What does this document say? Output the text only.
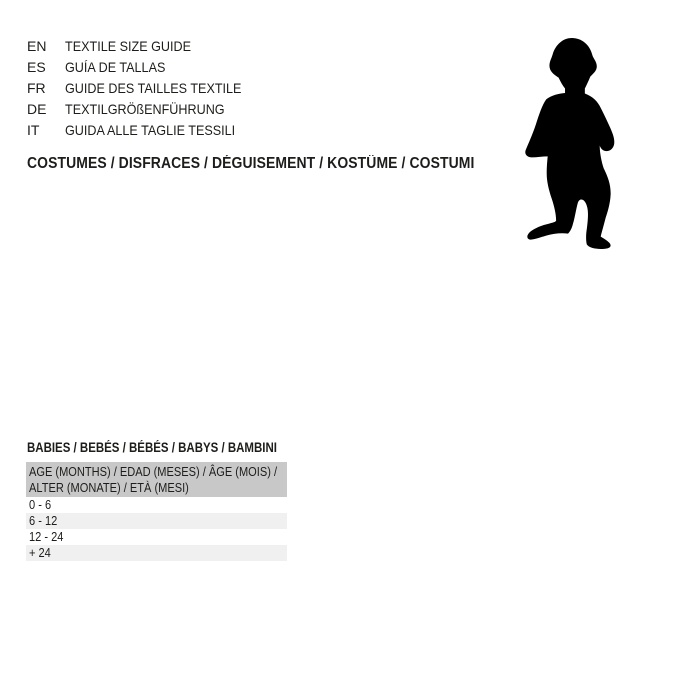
EN	TEXTILE SIZE GUIDE
ES	GUÍA DE TALLAS
FR	GUIDE DES TAILLES TEXTILE
DE	TEXTILGRÖßENFÜHRUNG
IT	GUIDA ALLE TAGLIE TESSILI
COSTUMES / DISFRACES / DÉGUISEMENT / KOSTÜME / COSTUMI
BABIES / BEBÉS / BÉBÉS / BABYS / BAMBINI
AGE (MONTHS) / EDAD (MESES) / ÂGE (MOIS) /
ALTER (MONATE) / ETÀ (MESI)
0 - 6
6 - 12
12 - 24
+ 24
